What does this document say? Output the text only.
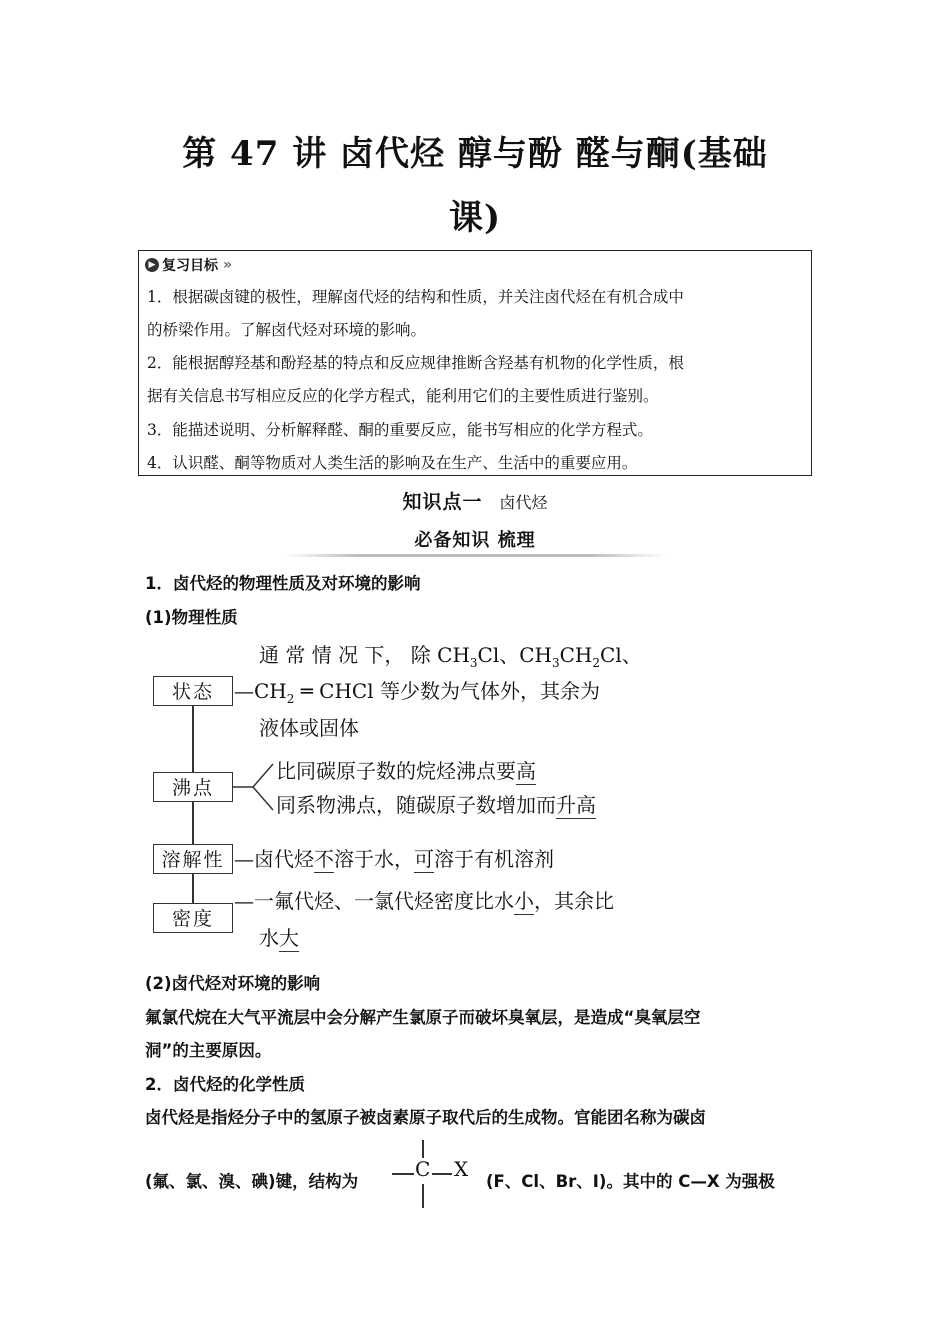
第 47 讲 卤代烃 醇与酚 醛与酮(基础
课)
▶ 复习目标 »
1．根据碳卤键的极性，理解卤代烃的结构和性质，并关注卤代烃在有机合成中
的桥梁作用。了解卤代烃对环境的影响。
2．能根据醇羟基和酚羟基的特点和反应规律推断含羟基有机物的化学性质，根
据有关信息书写相应反应的化学方程式，能利用它们的主要性质进行鉴别。
3．能描述说明、分析解释醛、酮的重要反应，能书写相应的化学方程式。
4．认识醛、酮等物质对人类生活的影响及在生产、生活中的重要应用。
知识点一 卤代烃
必备知识 梳理
1．卤代烃的物理性质及对环境的影响
(1)物理性质
状态
沸点
溶解性
密度
通 常 情 况 下， 除 $CH_3Cl$、$CH_3CH_2Cl$、
$—CH_2$ ═ CHCl 等少数为气体外，其余为
液体或固体
比同碳原子数的烷烃沸点要高
同系物沸点，随碳原子数增加而升高
—卤代烃不溶于水，可溶于有机溶剂
—一氟代烃、一氯代烃密度比水小，其余比
水大
(2)卤代烃对环境的影响
氟氯代烷在大气平流层中会分解产生氯原子而破坏臭氧层，是造成“臭氧层空
洞”的主要原因。
2．卤代烃的化学性质
卤代烃是指烃分子中的氢原子被卤素原子取代后的生成物。官能团名称为碳卤
(氟、氯、溴、碘)键，结构为
C X
(F、Cl、Br、I)。其中的 C—X 为强极
